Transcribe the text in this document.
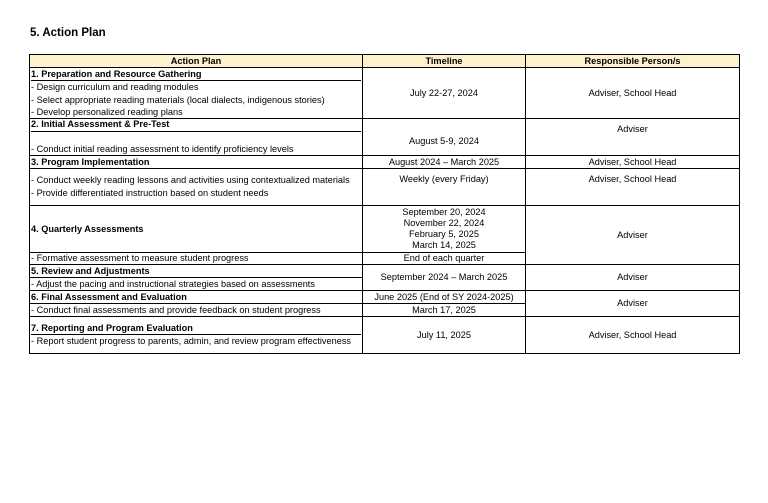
5. Action Plan
Action Plan	Timeline	Responsible Person/s

1. Preparation and Resource Gathering
- Design curriculum and reading modules
- Select appropriate reading materials (local dialects, indigenous stories)
- Develop personalized reading plans	July 22-27, 2024	Adviser, School Head

2. Initial Assessment & Pre-Test
- Conduct initial reading assessment to identify proficiency levels	August 5-9, 2024	Adviser
3. Program Implementation	August 2024 – March 2025	Adviser, School Head

- Conduct weekly reading lessons and activities using contextualized materials
- Provide differentiated instruction based on student needs	Weekly (every Friday)	Adviser, School Head
4. Quarterly Assessments	September 20, 2024
November 22, 2024
February 5, 2025
March 14, 2025	Adviser
- Formative assessment to measure student progress	End of each quarter	
5. Review and Adjustments	September 2024 – March 2025	Adviser
- Adjust the pacing and instructional strategies based on assessments		
6. Final Assessment and Evaluation	June 2025 (End of SY 2024-2025)	Adviser
- Conduct final assessments and provide feedback on student progress	March 17, 2025	

7. Reporting and Program Evaluation
- Report student progress to parents, admin, and review program effectiveness	July 11, 2025	Adviser, School Head
